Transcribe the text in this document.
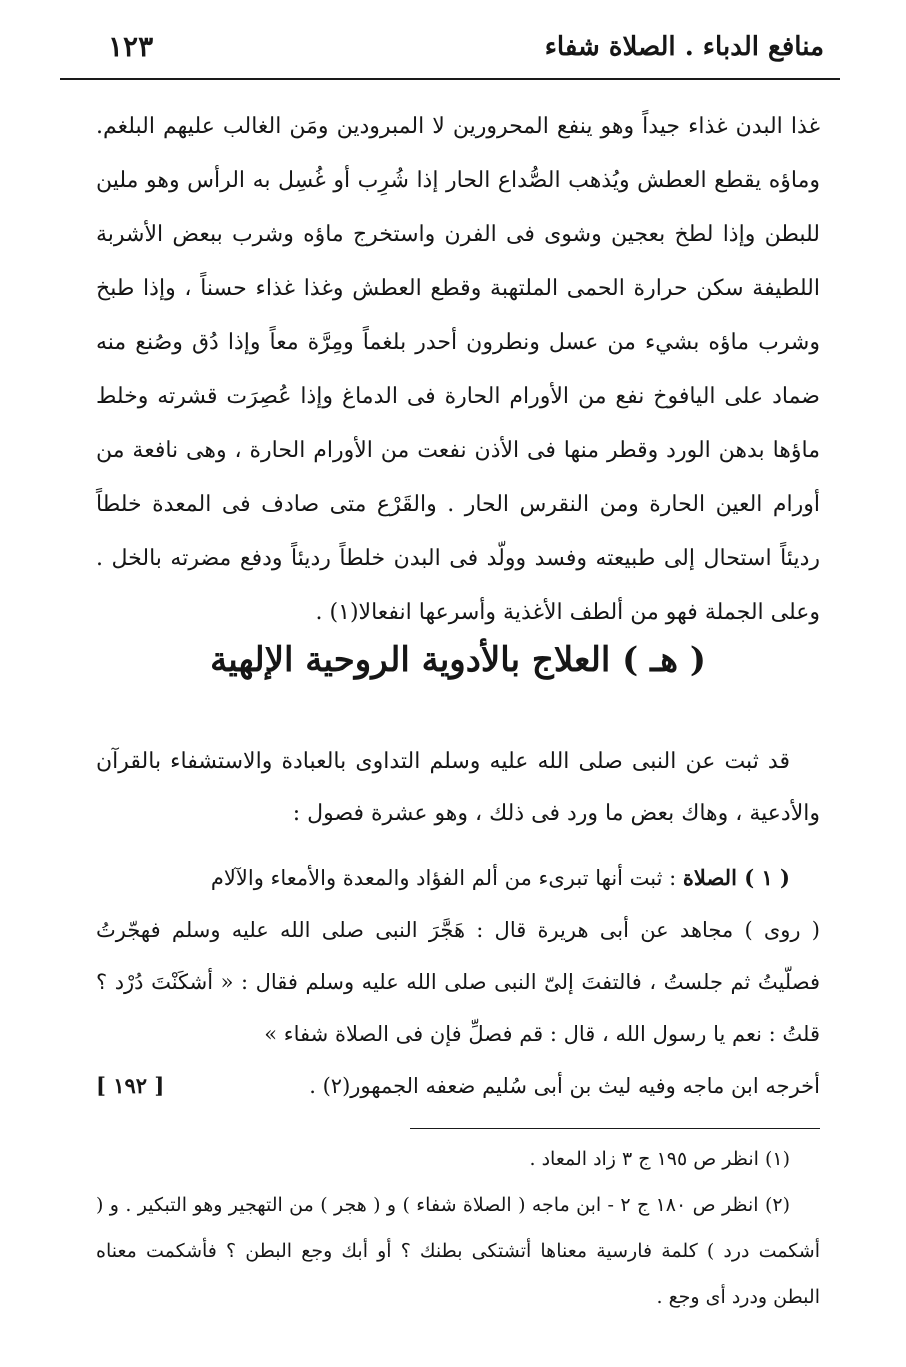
منافع الدباء . الصلاة شفاء
١٢٣

غذا البدن غذاء جيداً وهو ينفع المحرورين لا المبرودين ومَن الغالب عليهم البلغم. وماؤه يقطع العطش ويُذهب الصُّداع الحار إذا شُرِب أو غُسِل به الرأس وهو ملين للبطن وإذا لطخ بعجين وشوى فى الفرن واستخرج ماؤه وشرب ببعض الأشربة اللطيفة سكن حرارة الحمى الملتهبة وقطع العطش وغذا غذاء حسناً ، وإذا طبخ وشرب ماؤه بشيء من عسل ونطرون أحدر بلغماً ومِرَّة معاً وإذا دُق وصُنع منه ضماد على اليافوخ نفع من الأورام الحارة فى الدماغ وإذا عُصِرَت قشرته وخلط ماؤها بدهن الورد وقطر منها فى الأذن نفعت من الأورام الحارة ، وهى نافعة من أورام العين الحارة ومن النقرس الحار . والقَرْع متى صادف فى المعدة خلطاً رديئاً استحال إلى طبيعته وفسد وولّد فى البدن خلطاً رديئاً ودفع مضرته بالخل . وعلى الجملة فهو من ألطف الأغذية وأسرعها انفعالا(١) .

( هـ ) العلاج بالأدوية الروحية الإلهية

قد ثبت عن النبى صلى الله عليه وسلم التداوى بالعبادة والاستشفاء بالقرآن والأدعية ، وهاك بعض ما ورد فى ذلك ، وهو عشرة فصول :

( ١ ) الصلاة : ثبت أنها تبرىء من ألم الفؤاد والمعدة والأمعاء والآلام

( روى ) مجاهد عن أبى هريرة قال : هَجَّرَ النبى صلى الله عليه وسلم فهجّرتُ فصلّيتُ ثم جلستُ ، فالتفتَ إلىّ النبى صلى الله عليه وسلم فقال : « أشكَنْتَ دُرْد ؟ قلتُ : نعم يا رسول الله ، قال : قم فصلِّ فإن فى الصلاة شفاء »

أخرجه ابن ماجه وفيه ليث بن أبى سُليم ضعفه الجمهور(٢) .
[ ١٩٢ ]

(١) انظر ص ١٩٥ ج ٣ زاد المعاد .

(٢) انظر ص ١٨٠ ج ٢ - ابن ماجه ( الصلاة شفاء ) و ( هجر ) من التهجير وهو التبكير . و ( أشكمت درد ) كلمة فارسية معناها أتشتكى بطنك ؟ أو أبك وجع البطن ؟ فأشكمت معناه البطن ودرد أى وجع .
